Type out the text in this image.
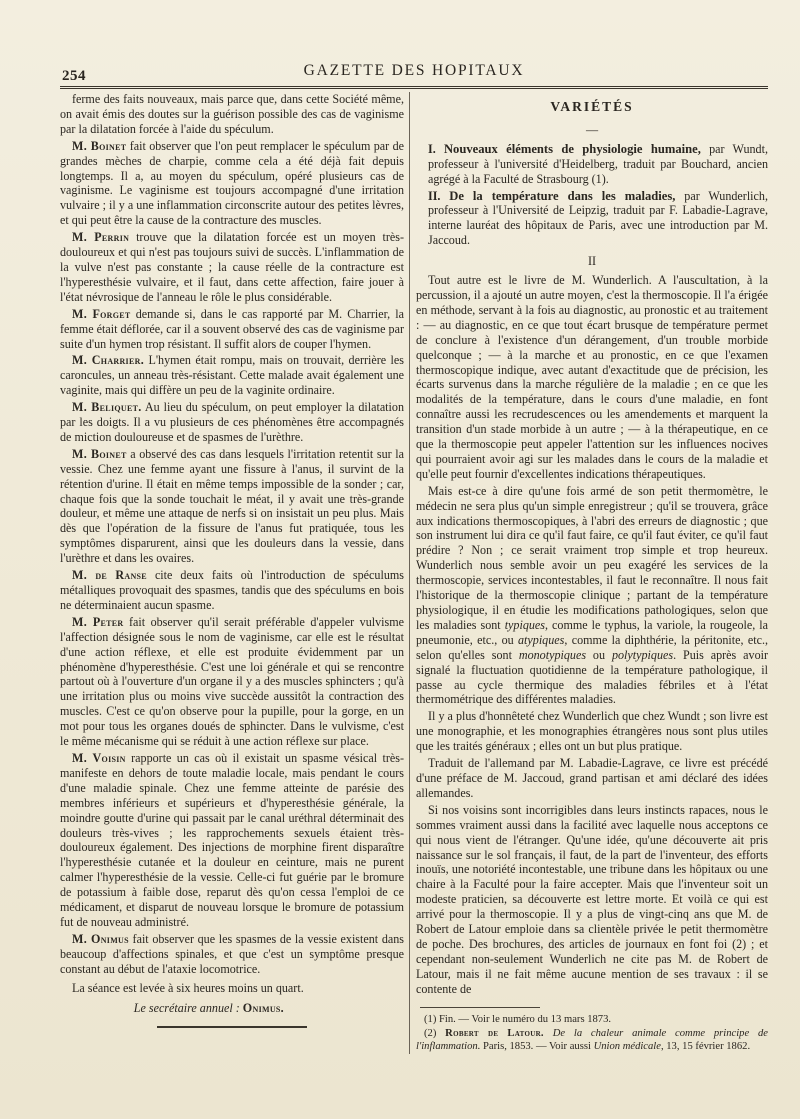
254	GAZETTE DES HOPITAUX

ferme des faits nouveaux, mais parce que, dans cette Société même, on avait émis des doutes sur la guérison possible des cas de vaginisme par la dilatation forcée à l'aide du spéculum.

M. Boinet fait observer que l'on peut remplacer le spéculum par de grandes mèches de charpie, comme cela a été déjà fait depuis longtemps. Il a, au moyen du spéculum, opéré plusieurs cas de vaginisme. Le vaginisme est toujours accompagné d'une irritation vulvaire ; il y a une inflammation circonscrite autour des petites lèvres, et qui peut être la cause de la contracture des muscles.

M. Perrin trouve que la dilatation forcée est un moyen très-douloureux et qui n'est pas toujours suivi de succès. L'inflammation de la vulve n'est pas constante ; la cause réelle de la contracture est l'hyperesthésie vulvaire, et il faut, dans cette affection, faire jouer à l'état névrosique de l'anneau le rôle le plus considérable.

M. Forget demande si, dans le cas rapporté par M. Charrier, la femme était déflorée, car il a souvent observé des cas de vaginisme par suite d'un hymen trop résistant. Il suffit alors de couper l'hymen.

M. Charrier. L'hymen était rompu, mais on trouvait, derrière les caroncules, un anneau très-résistant. Cette malade avait également une vaginite, mais qui diffère un peu de la vaginite ordinaire.

M. Beliquet. Au lieu du spéculum, on peut employer la dilatation par les doigts. Il a vu plusieurs de ces phénomènes être accompagnés de miction douloureuse et de spasmes de l'urèthre.

M. Boinet a observé des cas dans lesquels l'irritation retentit sur la vessie. Chez une femme ayant une fissure à l'anus, il survint de la rétention d'urine. Il était en même temps impossible de la sonder ; car, chaque fois que la sonde touchait le méat, il y avait une très-grande douleur, et même une attaque de nerfs si on insistait un peu plus. Mais dès que l'opération de la fissure de l'anus fut pratiquée, tous les symptômes disparurent, ainsi que les douleurs dans la vessie, dans l'urèthre et dans les ovaires.

M. de Ranse cite deux faits où l'introduction de spéculums métalliques provoquait des spasmes, tandis que des spéculums en bois ne déterminaient aucun spasme.

M. Peter fait observer qu'il serait préférable d'appeler vulvisme l'affection désignée sous le nom de vaginisme, car elle est le résultat d'une action réflexe, et elle est produite évidemment par un phénomène d'hyperesthésie. C'est une loi générale et qui se rencontre partout où à l'ouverture d'un organe il y a des muscles sphincters ; qu'à une irritation plus ou moins vive succède aussitôt la contraction des muscles. C'est ce qu'on observe pour la pupille, pour la gorge, en un mot pour tous les organes doués de sphincter. Dans le vulvisme, c'est le même mécanisme qui se réduit à une action réflexe sur place.

M. Voisin rapporte un cas où il existait un spasme vésical très-manifeste en dehors de toute maladie locale, mais pendant le cours d'une maladie spinale. Chez une femme atteinte de parésie des membres inférieurs et supérieurs et d'hyperesthésie générale, la moindre goutte d'urine qui passait par le canal uréthral déterminait des douleurs très-vives ; les rapprochements sexuels étaient très-douloureux également. Des injections de morphine firent disparaître l'hyperesthésie cutanée et la douleur en ceinture, mais ne purent calmer l'hyperesthésie de la vessie. Celle-ci fut guérie par le bromure de potassium à faible dose, reparut dès qu'on cessa l'emploi de ce médicament, et disparut de nouveau lorsque le bromure de potassium fut de nouveau administré.

M. Onimus fait observer que les spasmes de la vessie existent dans beaucoup d'affections spinales, et que c'est un symptôme presque constant au début de l'ataxie locomotrice.

La séance est levée à six heures moins un quart.

Le secrétaire annuel : Onimus.
VARIÉTÉS
—

I. Nouveaux éléments de physiologie humaine, par Wundt, professeur à l'université d'Heidelberg, traduit par Bouchard, ancien agrégé à la Faculté de Strasbourg (1).

II. De la température dans les maladies, par Wunderlich, professeur à l'Université de Leipzig, traduit par F. Labadie-Lagrave, interne lauréat des hôpitaux de Paris, avec une introduction par M. Jaccoud.

II

Tout autre est le livre de M. Wunderlich. A l'auscultation, à la percussion, il a ajouté un autre moyen, c'est la thermoscopie. Il l'a érigée en méthode, servant à la fois au diagnostic, au pronostic et au traitement : — au diagnostic, en ce que tout écart brusque de température permet de conclure à l'existence d'un dérangement, d'un trouble morbide quelconque ; — à la marche et au pronostic, en ce que l'examen thermoscopique indique, avec autant d'exactitude que de précision, les écarts survenus dans la marche régulière de la maladie ; en ce que les modalités de la température, dans le cours d'une maladie, en font connaître aussi les recrudescences ou les amendements et marquent la transition d'un stade morbide à un autre ; — à la thérapeutique, en ce que la thermoscopie peut appeler l'attention sur les influences nocives qui pourraient avoir agi sur les malades dans le cours de la maladie et qu'elle peut fournir d'excellentes indications thérapeutiques.

Mais est-ce à dire qu'une fois armé de son petit thermomètre, le médecin ne sera plus qu'un simple enregistreur ; qu'il se trouvera, grâce aux indications thermoscopiques, à l'abri des erreurs de diagnostic ; que son instrument lui dira ce qu'il faut faire, ce qu'il faut éviter, ce qu'il faut prédire ? Non ; ce serait vraiment trop simple et trop heureux. Wunderlich nous semble avoir un peu exagéré les services de la thermoscopie, services incontestables, il faut le reconnaître. Il nous fait l'historique de la thermoscopie clinique ; partant de la température physiologique, il en étudie les modifications pathologiques, selon que les maladies sont typiques, comme le typhus, la variole, la rougeole, la pneumonie, etc., ou atypiques, comme la diphthérie, la péritonite, etc., selon qu'elles sont monotypiques ou polytypiques. Puis après avoir signalé la fluctuation quotidienne de la température pathologique, il passe au cycle thermique des maladies fébriles et à l'état thermométrique des différentes maladies.

Il y a plus d'honnêteté chez Wunderlich que chez Wundt ; son livre est une monographie, et les monographies étrangères nous sont plus utiles que les traités généraux ; elles ont un but plus pratique.

Traduit de l'allemand par M. Labadie-Lagrave, ce livre est précédé d'une préface de M. Jaccoud, grand partisan et ami déclaré des idées allemandes.

Si nos voisins sont incorrigibles dans leurs instincts rapaces, nous le sommes vraiment aussi dans la facilité avec laquelle nous acceptons ce qui nous vient de l'étranger. Qu'une idée, qu'une découverte ait pris naissance sur le sol français, il faut, de la part de l'inventeur, des efforts inouïs, une notoriété incontestable, une tribune dans les hôpitaux ou une chaire à la Faculté pour la faire accepter. Mais que l'inventeur soit un modeste praticien, sa découverte est lettre morte. Et voilà ce qui est arrivé pour la thermoscopie. Il y a plus de vingt-cinq ans que M. de Robert de Latour emploie dans sa clientèle privée le petit thermomètre de poche. Des brochures, des articles de journaux en font foi (2) ; et cependant non-seulement Wunderlich ne cite pas M. de Robert de Latour, mais il ne fait même aucune mention de ses travaux : il se contente de

(1) Fin. — Voir le numéro du 13 mars 1873.

(2) Robert de Latour. De la chaleur animale comme principe de l'inflammation. Paris, 1853. — Voir aussi Union médicale, 13, 15 février 1862.
